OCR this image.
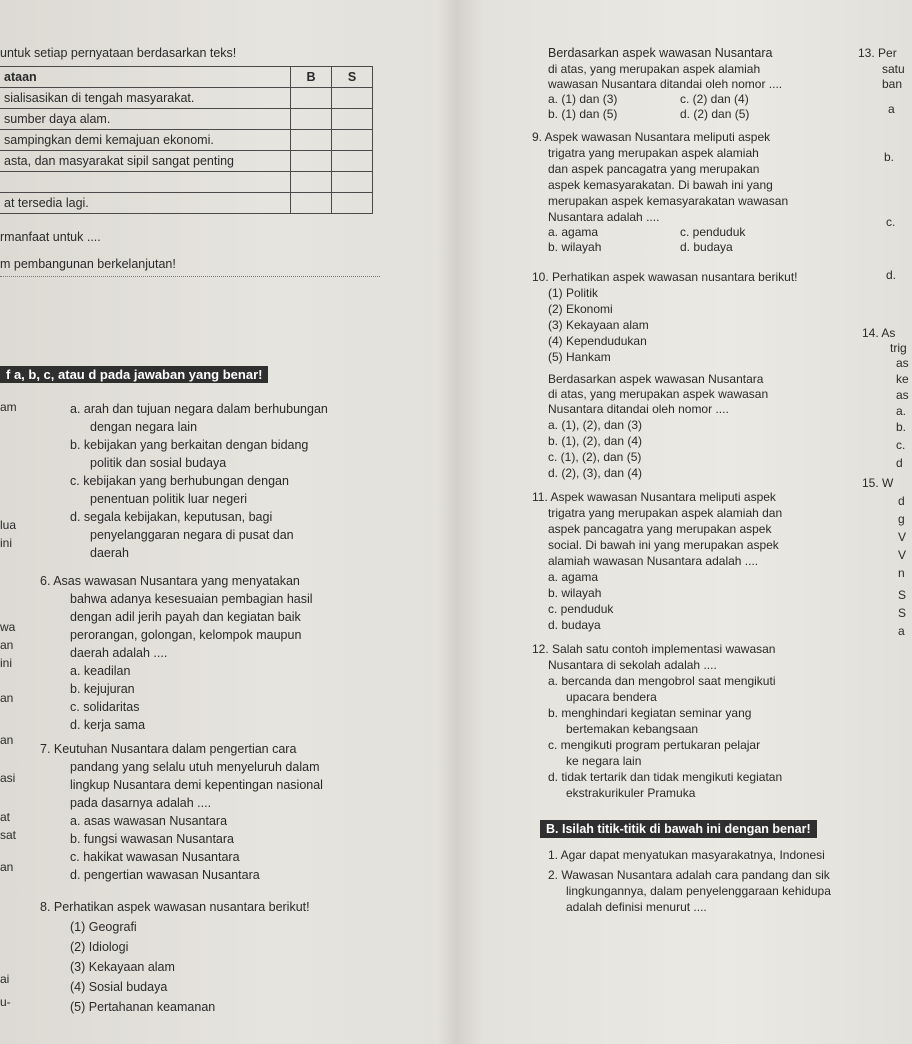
untuk setiap pernyataan berdasarkan teks!
ataan	B	S
sialisasikan di tengah masyarakat.		
sumber daya alam.		
sampingkan demi kemajuan ekonomi.		
asta, dan masyarakat sipil sangat penting		

at tersedia lagi.		
rmanfaat untuk ....
m pembangunan berkelanjutan!
f a, b, c, atau d pada jawaban yang benar!
am
lua
ini
wa
an
ini
an
an
asi
at
sat
an
ai
u-
a. arah dan tujuan negara dalam berhubungan
dengan negara lain
b. kebijakan yang berkaitan dengan bidang
politik dan sosial budaya
c. kebijakan yang berhubungan dengan
penentuan politik luar negeri
d. segala kebijakan, keputusan, bagi
penyelanggaran negara di pusat dan
daerah
6. Asas wawasan Nusantara yang menyatakan
bahwa adanya kesesuaian pembagian hasil
dengan adil jerih payah dan kegiatan baik
perorangan, golongan, kelompok maupun
daerah adalah ....
a. keadilan
b. kejujuran
c. solidaritas
d. kerja sama
7. Keutuhan Nusantara dalam pengertian cara
pandang yang selalu utuh menyeluruh dalam
lingkup Nusantara demi kepentingan nasional
pada dasarnya adalah ....
a. asas wawasan Nusantara
b. fungsi wawasan Nusantara
c. hakikat wawasan Nusantara
d. pengertian wawasan Nusantara
8. Perhatikan aspek wawasan nusantara berikut!
(1) Geografi
(2) Idiologi
(3) Kekayaan alam
(4) Sosial budaya
(5) Pertahanan keamanan
Berdasarkan aspek wawasan Nusantara
di atas, yang merupakan aspek alamiah
wawasan Nusantara ditandai oleh nomor ....
a. (1) dan (3)	c. (2) dan (4)
b. (1) dan (5)	d. (2) dan (5)
9. Aspek wawasan Nusantara meliputi aspek
trigatra yang merupakan aspek alamiah
dan aspek pancagatra yang merupakan
aspek kemasyarakatan. Di bawah ini yang
merupakan aspek kemasyarakatan wawasan
Nusantara adalah ....
a. agama	c. penduduk
b. wilayah	d. budaya
10. Perhatikan aspek wawasan nusantara berikut!
(1) Politik
(2) Ekonomi
(3) Kekayaan alam
(4) Kependudukan
(5) Hankam
Berdasarkan aspek wawasan Nusantara
di atas, yang merupakan aspek wawasan
Nusantara ditandai oleh nomor ....
a. (1), (2), dan (3)
b. (1), (2), dan (4)
c. (1), (2), dan (5)
d. (2), (3), dan (4)
11. Aspek wawasan Nusantara meliputi aspek
trigatra yang merupakan aspek alamiah dan
aspek pancagatra yang merupakan aspek
social. Di bawah ini yang merupakan aspek
alamiah wawasan Nusantara adalah ....
a. agama
b. wilayah
c. penduduk
d. budaya
12. Salah satu contoh implementasi wawasan
Nusantara di sekolah adalah ....
a. bercanda dan mengobrol saat mengikuti
upacara bendera
b. menghindari kegiatan seminar yang
bertemakan kebangsaan
c. mengikuti program pertukaran pelajar
ke negara lain
d. tidak tertarik dan tidak mengikuti kegiatan
ekstrakurikuler Pramuka
B. Isilah titik-titik di bawah ini dengan benar!
1. Agar dapat menyatukan masyarakatnya, Indonesi
2. Wawasan Nusantara adalah cara pandang dan sik
lingkungannya, dalam penyelenggaraan kehidupa
adalah definisi menurut ....
13. Per
satu
ban
a
b.
c.
d.
14. As
trig
as
ke
as
a.
b.
c.
d
15. W
d
g
V
V
n
S
S
a
